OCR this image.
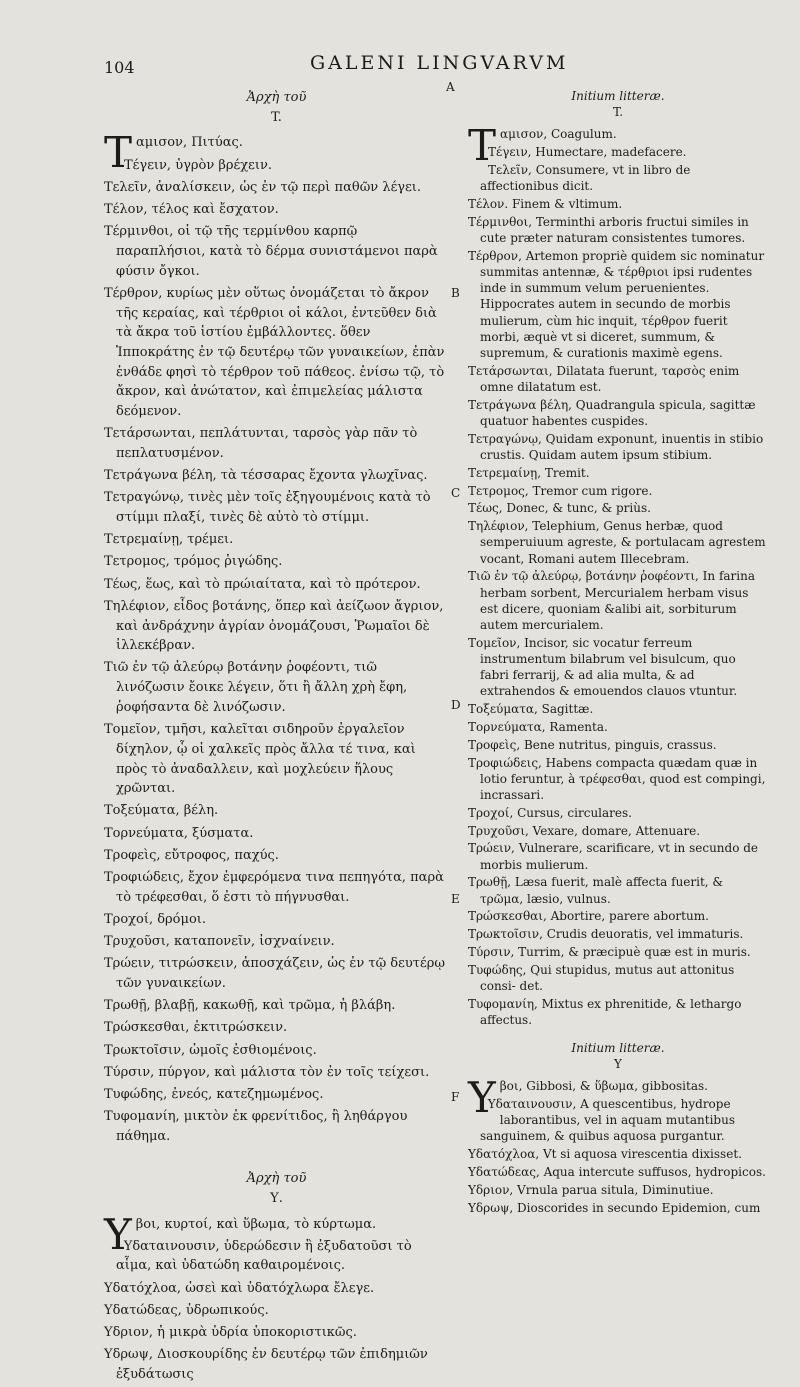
104	GALENI LINGVARVM
A
B
C
D
E
F
Ἀρχὴ τοῦ
T.
Ταμισον, Πιτύας.
Τέγειν, ὑγρὸν βρέχειν.
Τελεῖν, ἀναλίσκειν, ὡς ἐν τῷ περὶ παθῶν λέγει.
Τέλον, τέλος καὶ ἔσχατον.
Τέρμινθοι, οἱ τῷ τῆς τερμίνθου καρπῷ παραπλήσιοι, κατὰ τὸ δέρμα συνιστάμενοι παρὰ φύσιν ὄγκοι.
Τέρθρον, κυρίως μὲν οὕτως ὀνομάζεται τὸ ἄκρον τῆς κεραίας, καὶ τέρθριοι οἱ κάλοι, ἐντεῦθεν διὰ τὰ ἄκρα τοῦ ἱστίου ἐμβάλλοντες. ὅθεν Ἱπποκράτης ἐν τῷ δευτέρῳ τῶν γυναικείων, ἐπὰν ἐνθάδε φησὶ τὸ τέρθρον τοῦ πάθεος. ἐνίσω τῷ, τὸ ἄκρον, καὶ ἀνώτατον, καὶ ἐπιμελείας μάλιστα δεόμενον.
Τετάρσωνται, πεπλάτυνται, ταρσὸς γὰρ πᾶν τὸ πεπλατυσμένον.
Τετράγωνα βέλη, τὰ τέσσαρας ἔχοντα γλωχῖνας.
Τετραγώνῳ, τινὲς μὲν τοῖς ἐξηγουμένοις κατὰ τὸ στίμμι πλαξί, τινὲς δὲ αὐτὸ τὸ στίμμι.
Τετρεμαίνῃ, τρέμει.
Τετρομος, τρόμος ῥιγώδης.
Τέως, ἕως, καὶ τὸ πρώιαίτατα, καὶ τὸ πρότερον.
Τηλέφιον, εἶδος βοτάνης, ὅπερ καὶ ἀείζωον ἄγριον, καὶ ἀνδράχνην ἀγρίαν ὀνομάζουσι, Ῥωμαῖοι δὲ ἰλλεκέβραν.
Τιῶ ἐν τῷ ἀλεύρῳ βοτάνην ῥοφέοντι, τιῶ λινόζωσιν ἔοικε λέγειν, ὅτι ἢ ἄλλη χρὴ ἔφη, ῥοφήσαντα δὲ λινόζωσιν.
Τομεῖον, τμῆσι, καλεῖται σιδηροῦν ἐργαλεῖον δίχηλον, ᾧ οἱ χαλκεῖς πρὸς ἄλλα τέ τινα, καὶ πρὸς τὸ ἀναδαλλειν, καὶ μοχλεύειν ἥλους χρῶνται.
Τοξεύματα, βέλη.
Τορνεύματα, ξύσματα.
Τροφεὶς, εὔτροφος, παχύς.
Τροφιώδεις, ἔχον ἐμφερόμενα τινα πεπηγότα, παρὰ τὸ τρέφεσθαι, ὅ ἐστι τὸ πήγνυσθαι.
Τροχοί, δρόμοι.
Τρυχοῦσι, καταπονεῖν, ἰσχναίνειν.
Τρώειν, τιτρώσκειν, ἀποσχάζειν, ὡς ἐν τῷ δευτέρῳ τῶν γυναικείων.
Τρωθῇ, βλαβῇ, κακωθῇ, καὶ τρῶμα, ἡ βλάβη.
Τρώσκεσθαι, ἐκτιτρώσκειν.
Τρωκτοῖσιν, ὠμοῖς ἐσθιομένοις.
Τύρσιν, πύργον, καὶ μάλιστα τὸν ἐν τοῖς τείχεσι.
Τυφώδης, ἐνεός, κατεζημωμένος.
Τυφομανίη, μικτὸν ἐκ φρενίτιδος, ἢ ληθάργου πάθημα.
Ἀρχὴ τοῦ
Υ.
Υβοι, κυρτοί, καὶ ὕβωμα, τὸ κύρτωμα.
Υδαταινουσιν, ὑδερώδεσιν ἢ ἐξυδατοῦσι τὸ αἷμα, καὶ ὑδατώδη καθαιρομένοις.
Υδατόχλοα, ὡσεὶ καὶ ὑδατόχλωρα ἔλεγε.
Υδατώδεας, ὑδρωπικούς.
Υδριον, ἡ μικρὰ ὑδρία ὑποκοριστικῶς.
Υδρωψ, Διοσκουρίδης ἐν δευτέρῳ τῶν ἐπιδημιῶν ἐξυδάτωσις
Initium litteræ.
T.
Ταμισον, Coagulum.
Τέγειν, Humectare, madefacere.
Τελεῖν, Consumere, vt in libro de affectionibus dicit.
Τέλον. Finem & vltimum.
Τέρμινθοι, Terminthi arboris fructui similes in cute præter naturam consistentes tumores.
Τέρθρον, Artemon propriè quidem sic nominatur summitas antennæ, & τέρθριοι ipsi rudentes inde in summum velum peruenientes. Hippocrates autem in secundo de morbis mulierum, cùm hic inquit, τέρθρον fuerit morbi, æquè vt si diceret, summum, & supremum, & curationis maximè egens.
Τετάρσωνται, Dilatata fuerunt, ταρσὸς enim omne dilatatum est.
Τετράγωνα βέλη, Quadrangula spicula, sagittæ quatuor habentes cuspides.
Τετραγώνῳ, Quidam exponunt, inuentis in stibio crustis. Quidam autem ipsum stibium.
Τετρεμαίνῃ, Tremit.
Τετρομος, Tremor cum rigore.
Τέως, Donec, & tunc, & priùs.
Τηλέφιον, Telephium, Genus herbæ, quod semperuiuum agreste, & portulacam agrestem vocant, Romani autem Illecebram.
Τιῶ ἐν τῷ ἀλεύρῳ, βοτάνην ῥοφέοντι, In farina herbam sorbent, Mercurialem herbam visus est dicere, quoniam &alibi ait, sorbiturum autem mercurialem.
Τομεῖον, Incisor, sic vocatur ferreum instrumentum bilabrum vel bisulcum, quo fabri ferrarij, & ad alia multa, & ad extrahendos & emouendos clauos vtuntur.
Τοξεύματα, Sagittæ.
Τορνεύματα, Ramenta.
Τροφεὶς, Bene nutritus, pinguis, crassus.
Τροφιώδεις, Habens compacta quædam quæ in lotio feruntur, à τρέφεσθαι, quod est compingi, incrassari.
Τροχοί, Cursus, circulares.
Τρυχοῦσι, Vexare, domare, Attenuare.
Τρώειν, Vulnerare, scarificare, vt in secundo de morbis mulierum.
Τρωθῇ, Læsa fuerit, malè affecta fuerit, & τρῶμα, læsio, vulnus.
Τρώσκεσθαι, Abortire, parere abortum.
Τρωκτοῖσιν, Crudis deuoratis, vel immaturis.
Τύρσιν, Turrim, & præcipuè quæ est in muris.
Τυφώδης, Qui stupidus, mutus aut attonitus consi- det.
Τυφομανίη, Mixtus ex phrenitide, & lethargo affectus.
Initium litteræ.
Υ
Υβοι, Gibbosi, & ὕβωμα, gibbositas.
Υδαταινουσιν, A quescentibus, hydrope laborantibus, vel in aquam mutantibus sanguinem, & quibus aquosa purgantur.
Υδατόχλοα, Vt si aquosa virescentia dixisset.
Υδατώδεας, Aqua intercute suffusos, hydropicos.
Υδριον, Vrnula parua situla, Diminutiue.
Υδρωψ, Dioscorides in secundo Epidemion, cum
